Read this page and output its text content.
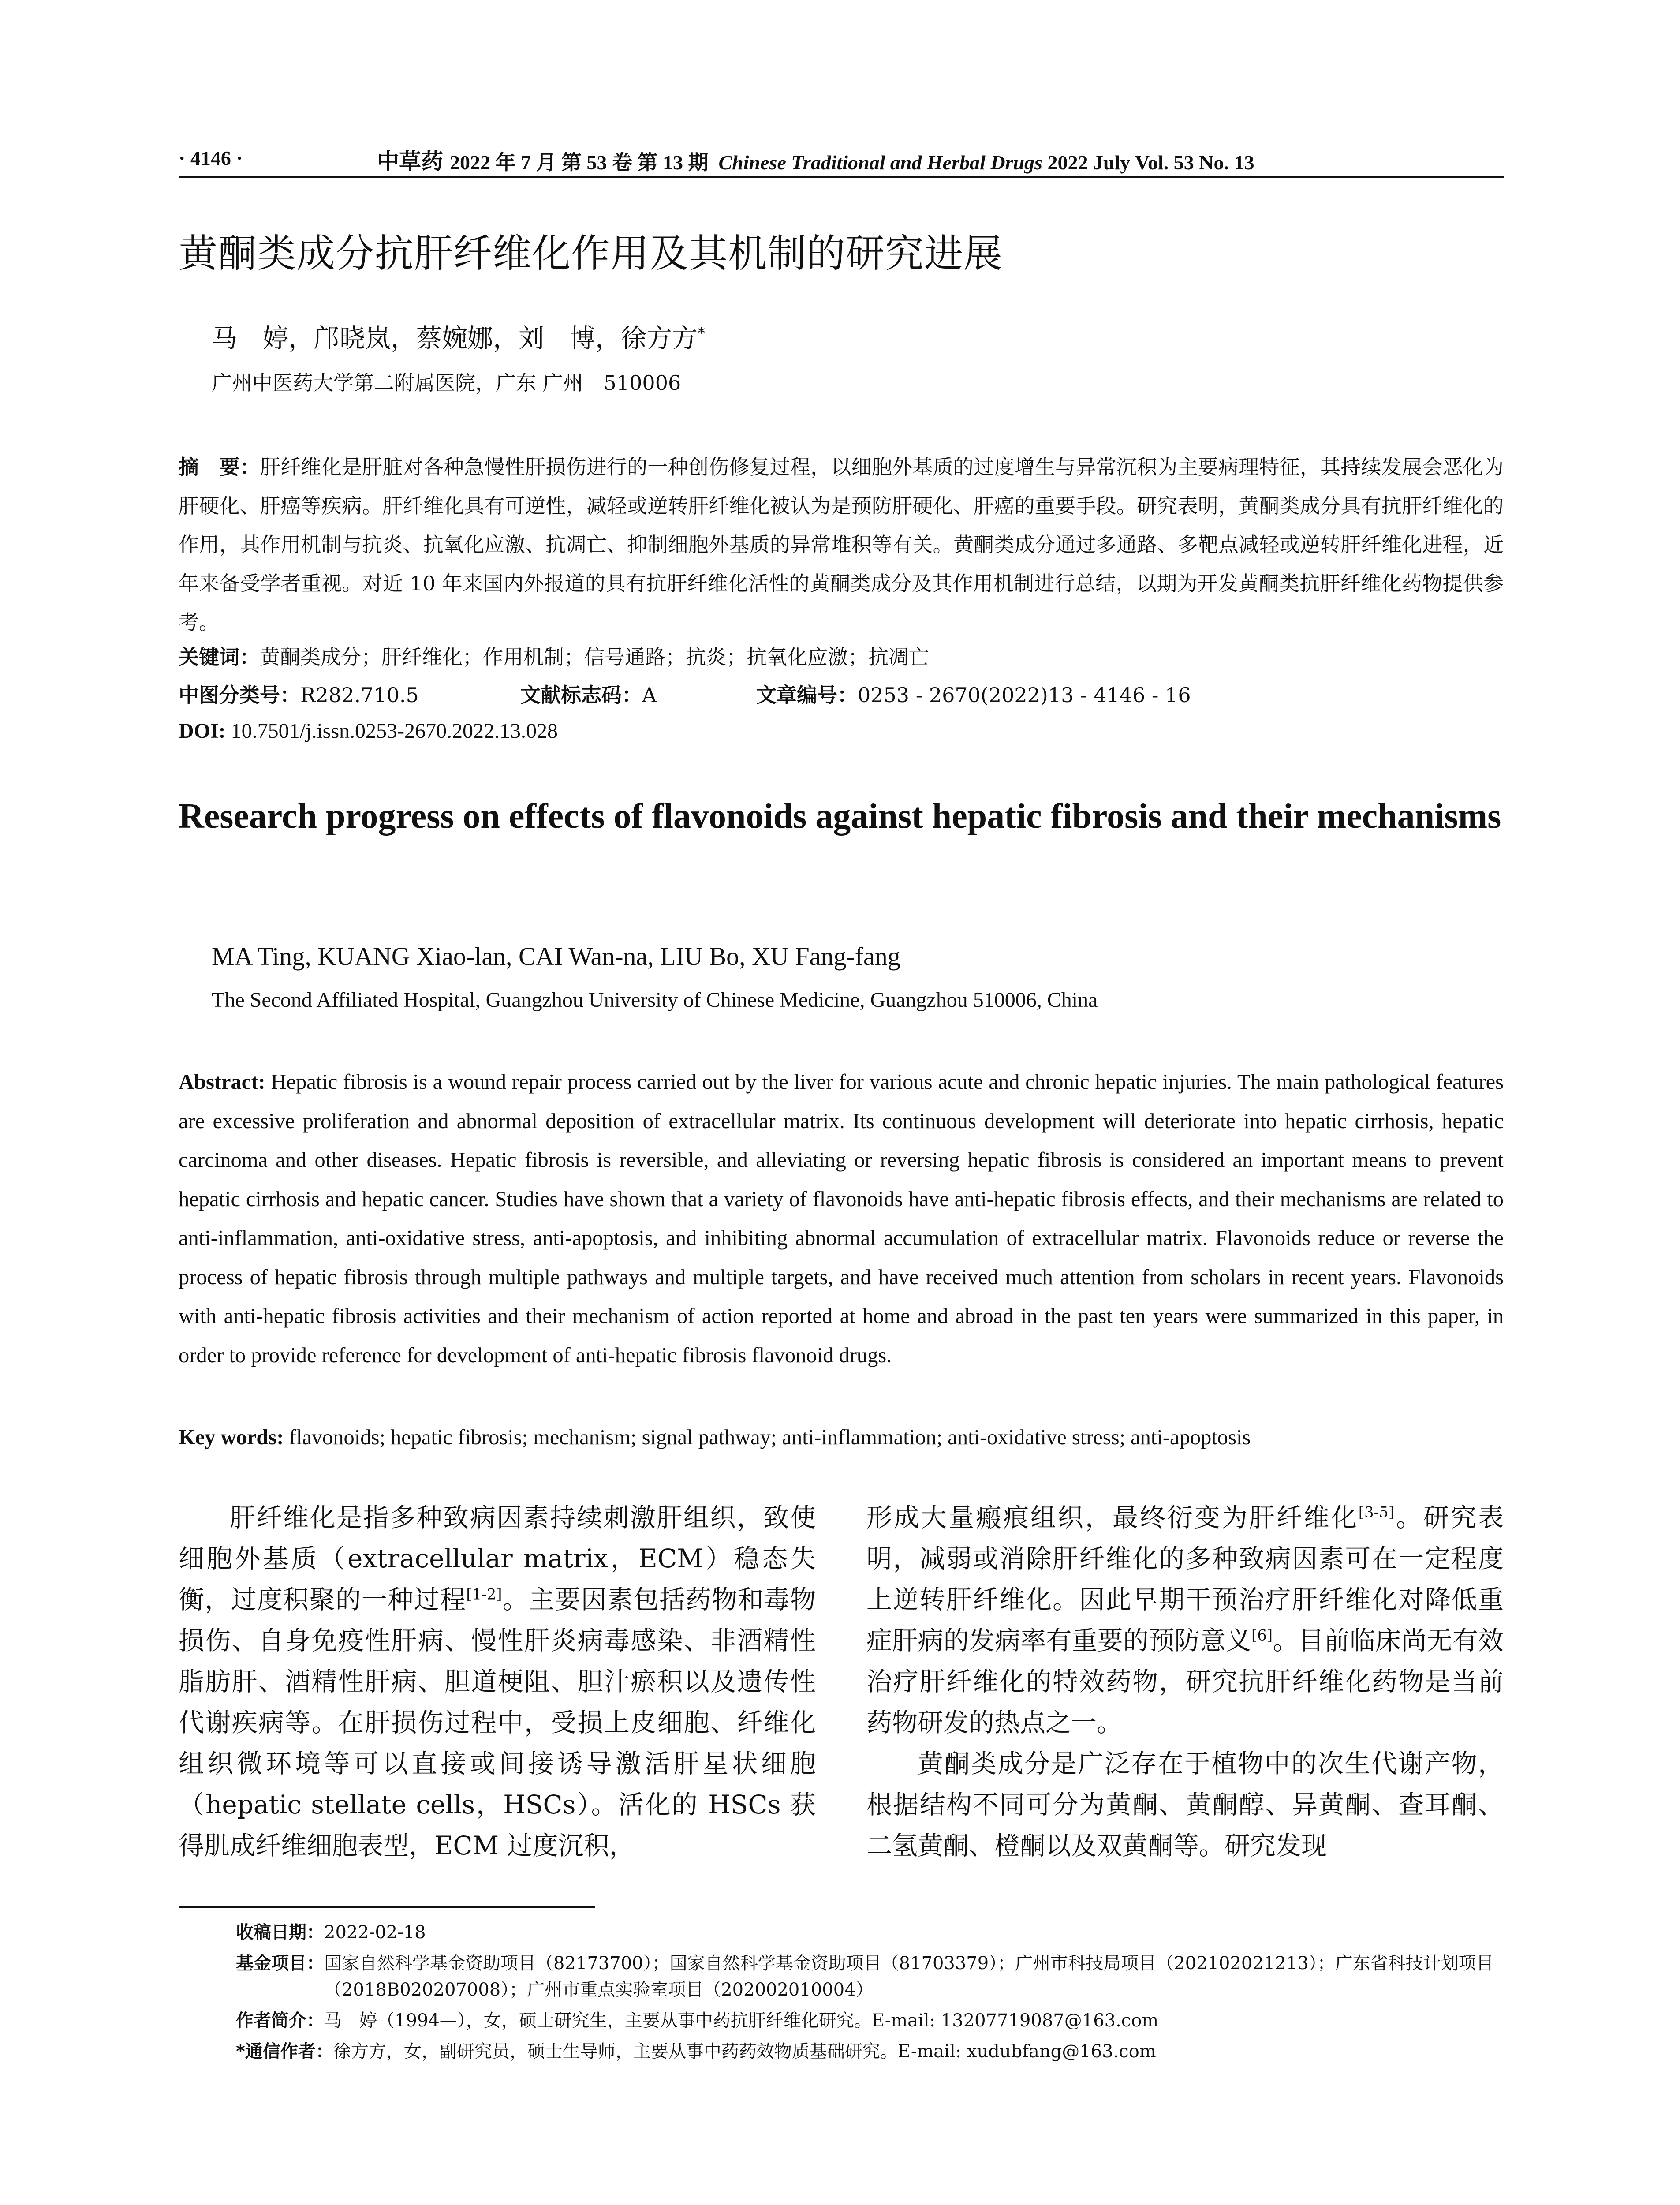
· 4146 ·	中草药 2022 年 7 月 第 53 卷 第 13 期 Chinese Traditional and Herbal Drugs 2022 July Vol. 53 No. 13
黄酮类成分抗肝纤维化作用及其机制的研究进展
马　婷，邝晓岚，蔡婉娜，刘　博，徐方方*
广州中医药大学第二附属医院，广东 广州　510006
摘　要：肝纤维化是肝脏对各种急慢性肝损伤进行的一种创伤修复过程，以细胞外基质的过度增生与异常沉积为主要病理特征，其持续发展会恶化为肝硬化、肝癌等疾病。肝纤维化具有可逆性，减轻或逆转肝纤维化被认为是预防肝硬化、肝癌的重要手段。研究表明，黄酮类成分具有抗肝纤维化的作用，其作用机制与抗炎、抗氧化应激、抗凋亡、抑制细胞外基质的异常堆积等有关。黄酮类成分通过多通路、多靶点减轻或逆转肝纤维化进程，近年来备受学者重视。对近 10 年来国内外报道的具有抗肝纤维化活性的黄酮类成分及其作用机制进行总结，以期为开发黄酮类抗肝纤维化药物提供参考。
关键词：黄酮类成分；肝纤维化；作用机制；信号通路；抗炎；抗氧化应激；抗凋亡
中图分类号：R282.710.5	文献标志码：A	文章编号：0253 - 2670(2022)13 - 4146 - 16
DOI: 10.7501/j.issn.0253-2670.2022.13.028
Research progress on effects of flavonoids against hepatic fibrosis and their mechanisms
MA Ting, KUANG Xiao-lan, CAI Wan-na, LIU Bo, XU Fang-fang
The Second Affiliated Hospital, Guangzhou University of Chinese Medicine, Guangzhou 510006, China
Abstract: Hepatic fibrosis is a wound repair process carried out by the liver for various acute and chronic hepatic injuries. The main pathological features are excessive proliferation and abnormal deposition of extracellular matrix. Its continuous development will deteriorate into hepatic cirrhosis, hepatic carcinoma and other diseases. Hepatic fibrosis is reversible, and alleviating or reversing hepatic fibrosis is considered an important means to prevent hepatic cirrhosis and hepatic cancer. Studies have shown that a variety of flavonoids have anti-hepatic fibrosis effects, and their mechanisms are related to anti-inflammation, anti-oxidative stress, anti-apoptosis, and inhibiting abnormal accumulation of extracellular matrix. Flavonoids reduce or reverse the process of hepatic fibrosis through multiple pathways and multiple targets, and have received much attention from scholars in recent years. Flavonoids with anti-hepatic fibrosis activities and their mechanism of action reported at home and abroad in the past ten years were summarized in this paper, in order to provide reference for development of anti-hepatic fibrosis flavonoid drugs.
Key words: flavonoids; hepatic fibrosis; mechanism; signal pathway; anti-inflammation; anti-oxidative stress; anti-apoptosis

肝纤维化是指多种致病因素持续刺激肝组织，致使细胞外基质（extracellular matrix，ECM）稳态失衡，过度积聚的一种过程[1-2]。主要因素包括药物和毒物损伤、自身免疫性肝病、慢性肝炎病毒感染、非酒精性脂肪肝、酒精性肝病、胆道梗阻、胆汁瘀积以及遗传性代谢疾病等。在肝损伤过程中，受损上皮细胞、纤维化组织微环境等可以直接或间接诱导激活肝星状细胞（hepatic stellate cells，HSCs）。活化的 HSCs 获得肌成纤维细胞表型，ECM 过度沉积，

形成大量瘢痕组织，最终衍变为肝纤维化[3-5]。研究表明，减弱或消除肝纤维化的多种致病因素可在一定程度上逆转肝纤维化。因此早期干预治疗肝纤维化对降低重症肝病的发病率有重要的预防意义[6]。目前临床尚无有效治疗肝纤维化的特效药物，研究抗肝纤维化药物是当前药物研发的热点之一。

黄酮类成分是广泛存在于植物中的次生代谢产物，根据结构不同可分为黄酮、黄酮醇、异黄酮、查耳酮、二氢黄酮、橙酮以及双黄酮等。研究发现

收稿日期： 2022-02-18
基金项目： 国家自然科学基金资助项目（82173700）；国家自然科学基金资助项目（81703379）；广州市科技局项目（202102021213）；广东省科技计划项目（2018B020207008）；广州市重点实验室项目（202002010004）
作者简介： 马　婷（1994—），女，硕士研究生，主要从事中药抗肝纤维化研究。E-mail: 13207719087@163.com
*通信作者： 徐方方，女，副研究员，硕士生导师，主要从事中药药效物质基础研究。E-mail: xudubfang@163.com
